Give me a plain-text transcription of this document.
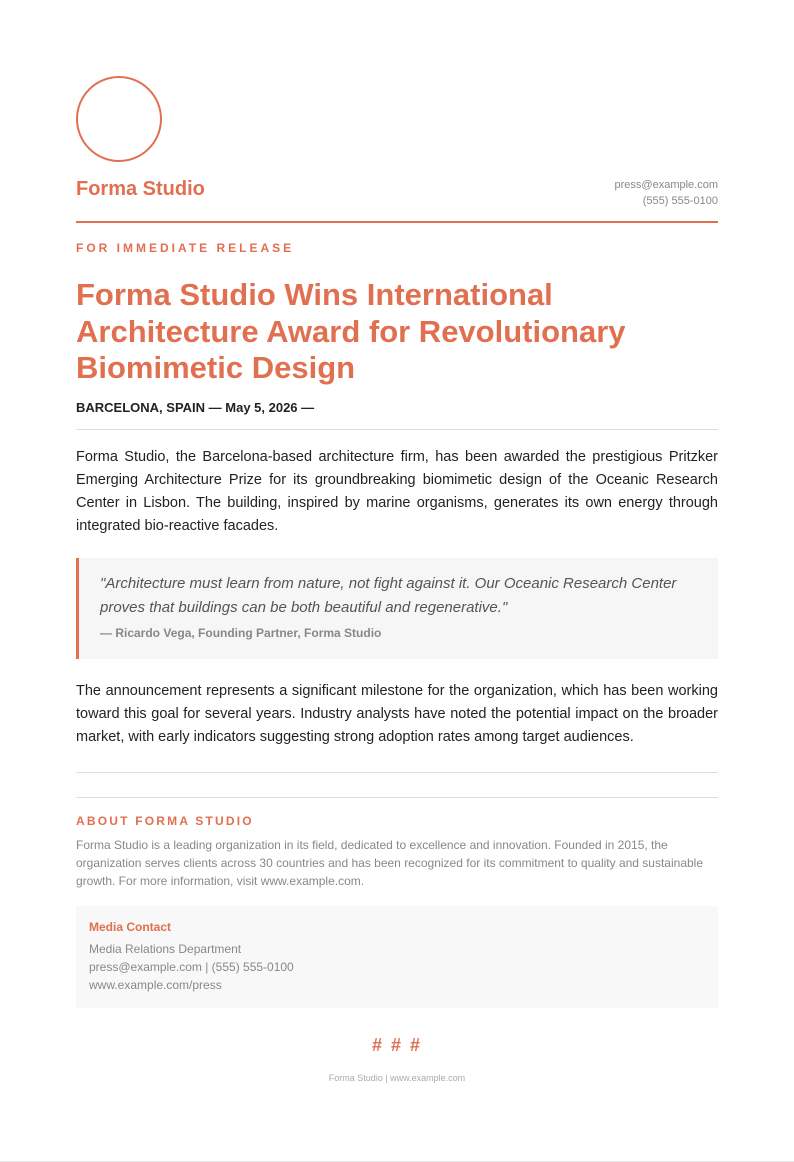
Forma Studio	press@example.com
(555) 555-0100
FOR IMMEDIATE RELEASE
Forma Studio Wins International Architecture Award for Revolutionary Biomimetic Design
BARCELONA, SPAIN — May 5, 2026 —

Forma Studio, the Barcelona-based architecture firm, has been awarded the prestigious Pritzker Emerging Architecture Prize for its groundbreaking biomimetic design of the Oceanic Research Center in Lisbon. The building, inspired by marine organisms, generates its own energy through integrated bio-reactive facades.

"Architecture must learn from nature, not fight against it. Our Oceanic Research Center proves that buildings can be both beautiful and regenerative."

— Ricardo Vega, Founding Partner, Forma Studio

The announcement represents a significant milestone for the organization, which has been working toward this goal for several years. Industry analysts have noted the potential impact on the broader market, with early indicators suggesting strong adoption rates among target audiences.

ABOUT FORMA STUDIO

Forma Studio is a leading organization in its field, dedicated to excellence and innovation. Founded in 2015, the organization serves clients across 30 countries and has been recognized for its commitment to quality and sustainable growth. For more information, visit www.example.com.

Media Contact
Media Relations Department
press@example.com | (555) 555-0100
www.example.com/press
# # #
Forma Studio | www.example.com
